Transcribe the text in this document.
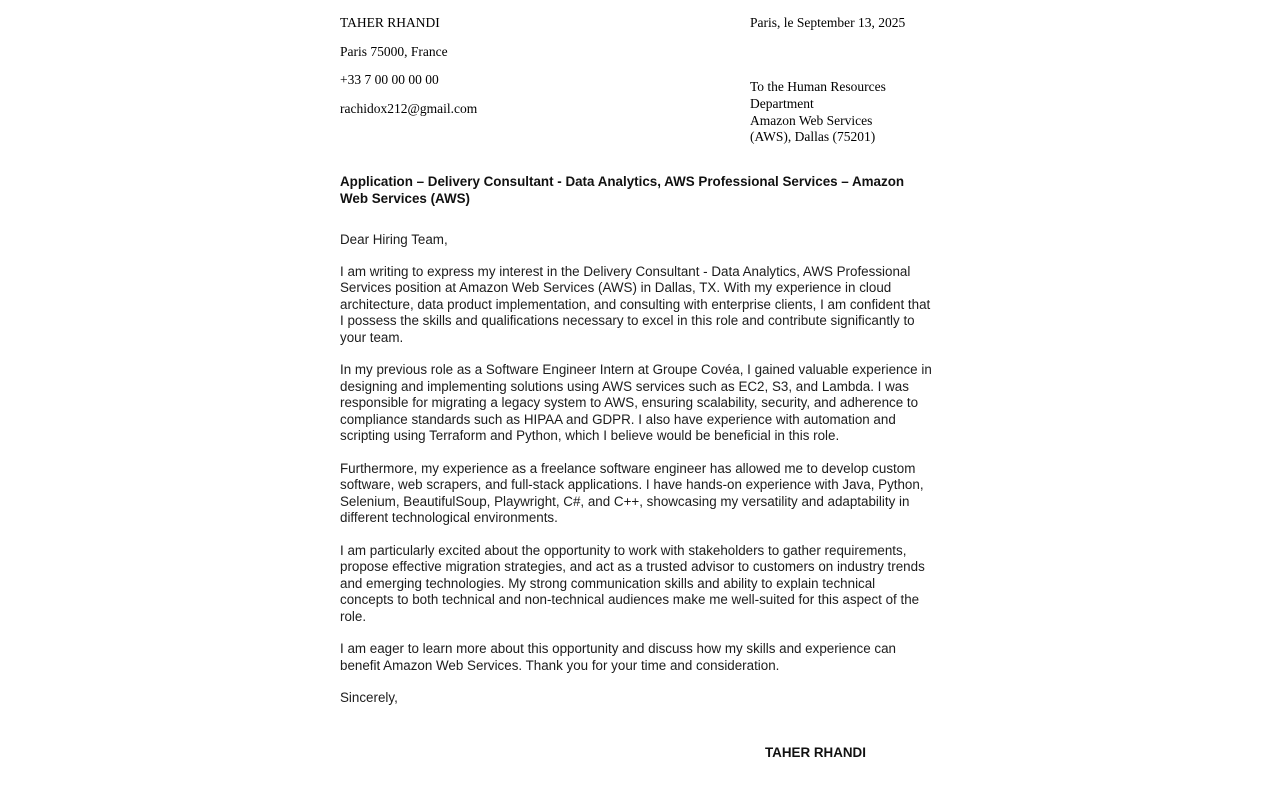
TAHER RHANDI
Paris 75000, France
+33 7 00 00 00 00
rachidox212@gmail.com
Paris, le September 13, 2025
To the Human Resources
Department
Amazon Web Services
(AWS), Dallas (75201)

Application – Delivery Consultant - Data Analytics, AWS Professional Services – Amazon Web Services (AWS)

Dear Hiring Team,

I am writing to express my interest in the Delivery Consultant - Data Analytics, AWS Professional Services position at Amazon Web Services (AWS) in Dallas, TX. With my experience in cloud architecture, data product implementation, and consulting with enterprise clients, I am confident that I possess the skills and qualifications necessary to excel in this role and contribute significantly to your team.

In my previous role as a Software Engineer Intern at Groupe Covéa, I gained valuable experience in designing and implementing solutions using AWS services such as EC2, S3, and Lambda. I was responsible for migrating a legacy system to AWS, ensuring scalability, security, and adherence to compliance standards such as HIPAA and GDPR. I also have experience with automation and scripting using Terraform and Python, which I believe would be beneficial in this role.

Furthermore, my experience as a freelance software engineer has allowed me to develop custom software, web scrapers, and full-stack applications. I have hands-on experience with Java, Python, Selenium, BeautifulSoup, Playwright, C#, and C++, showcasing my versatility and adaptability in different technological environments.

I am particularly excited about the opportunity to work with stakeholders to gather requirements, propose effective migration strategies, and act as a trusted advisor to customers on industry trends and emerging technologies. My strong communication skills and ability to explain technical concepts to both technical and non-technical audiences make me well-suited for this aspect of the role.

I am eager to learn more about this opportunity and discuss how my skills and experience can benefit Amazon Web Services. Thank you for your time and consideration.

Sincerely,

TAHER RHANDI
